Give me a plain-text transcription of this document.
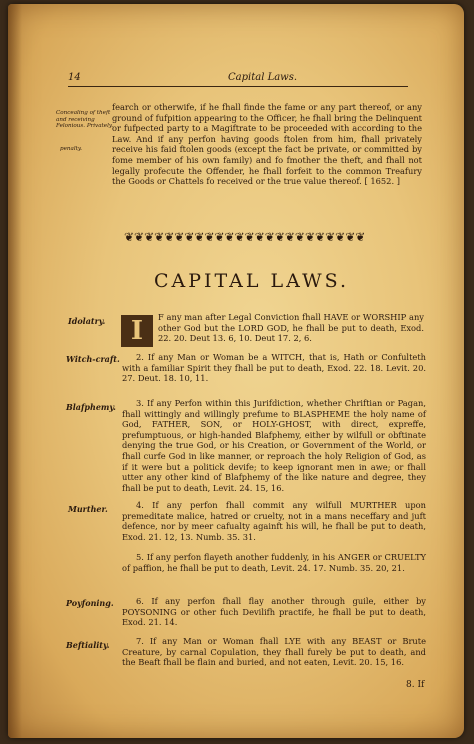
14	Capital Laws.
Concealing of theft and receiving Felonious. Privately.
penalty.
fearch or otherwife, if he fhall finde the fame or any part thereof, or any ground of fufpition appearing to the Officer, he fhall bring the Delinquent or fufpected party to a Magiftrate to be proceeded with according to the Law. And if any perfon having goods ftolen from him, fhall privately receive his faid ftolen goods (except the fact be private, or committed by fome member of his own family) and fo fmother the theft, and fhall not legally profecute the Offender, he fhall forfeit to the common Treafury the Goods or Chattels fo received or the true value thereof. [ 1652. ]
❦❦❦❦❦❦❦❦❦❦❦❦❦❦❦❦❦❦❦❦❦❦❦❦
CAPITAL LAWS.
Idolatry. I	F any man after Legal Conviction fhall HAVE or WORSHIP any other God but the LORD GOD, he fhall be put to death, Exod. 22. 20. Deut 13. 6, 10. Deut 17. 2, 6.
Witch-craft.	2. If any Man or Woman be a WITCH, that is, Hath or Confulteth with a familiar Spirit they fhall be put to death, Exod. 22. 18. Levit. 20. 27. Deut. 18. 10, 11.
Blafphemy.	3. If any Perfon within this Jurifdiction, whether Chriftian or Pagan, fhall wittingly and willingly prefume to BLASPHEME the holy name of God, FATHER, SON, or HOLY-GHOST, with direct, expreffe, prefumptuous, or high-handed Blafphemy, either by wilfull or obftinate denying the true God, or his Creation, or Government of the World, or fhall curfe God in like manner, or reproach the holy Religion of God, as if it were but a politick devife; to keep ignorant men in awe; or fhall utter any other kind of Blafphemy of the like nature and degree, they fhall be put to death, Levit. 24. 15, 16.
Murther.	4. If any perfon fhall commit any wilfull MURTHER upon premeditate malice, hatred or cruelty, not in a mans neceffary and juft defence, nor by meer cafualty againft his will, he fhall be put to death, Exod. 21. 12, 13. Numb. 35. 31.
5. If any perfon flayeth another fuddenly, in his ANGER or CRUELTY of paffion, he fhall be put to death, Levit. 24. 17. Numb. 35. 20, 21.
Poyfoning.	6. If any perfon fhall flay another through guile, either by POYSONING or other fuch Devilifh practife, he fhall be put to death, Exod. 21. 14.
Beftiality.	7. If any Man or Woman fhall LYE with any BEAST or Brute Creature, by carnal Copulation, they fhall furely be put to death, and the Beaft fhall be flain and buried, and not eaten, Levit. 20. 15, 16.
8. If
